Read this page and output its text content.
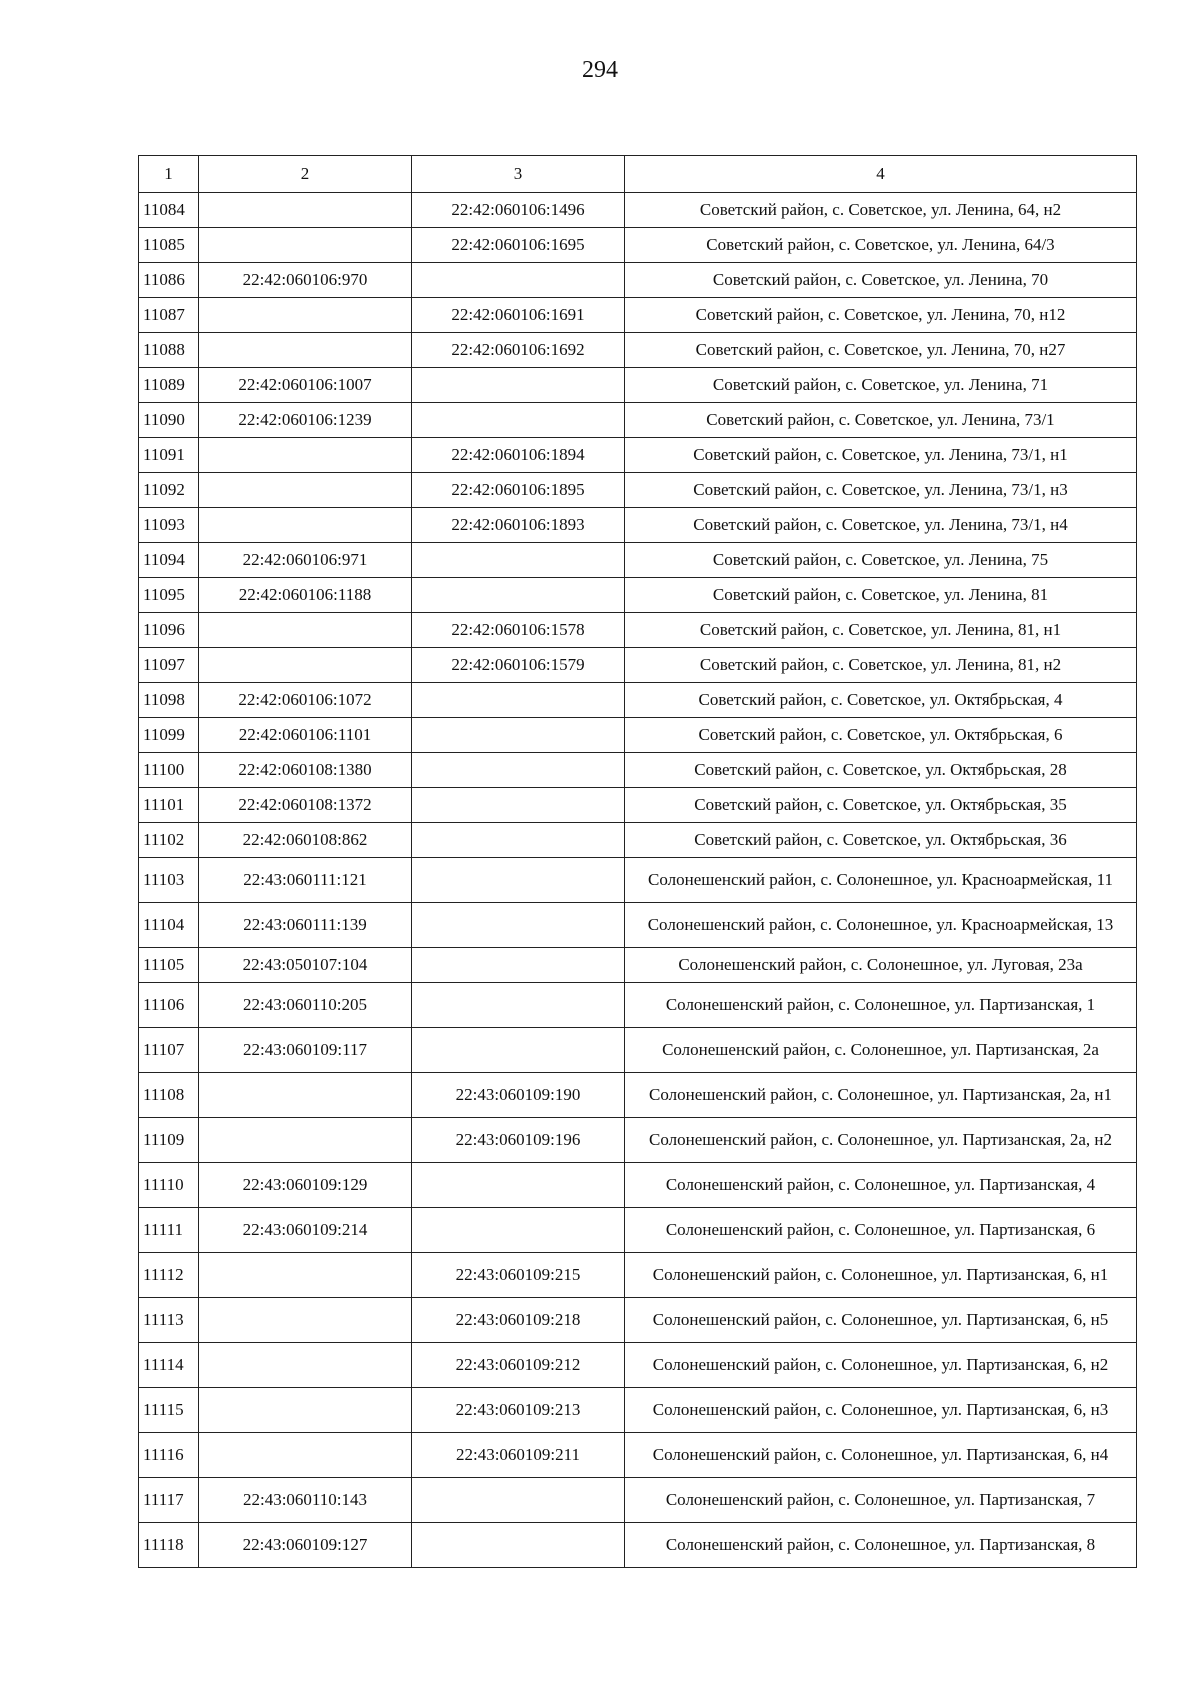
294
1	2	3	4
11084		22:42:060106:1496	Советский район, с. Советское, ул. Ленина, 64, н2
11085		22:42:060106:1695	Советский район, с. Советское, ул. Ленина, 64/3
11086	22:42:060106:970		Советский район, с. Советское, ул. Ленина, 70
11087		22:42:060106:1691	Советский район, с. Советское, ул. Ленина, 70, н12
11088		22:42:060106:1692	Советский район, с. Советское, ул. Ленина, 70, н27
11089	22:42:060106:1007		Советский район, с. Советское, ул. Ленина, 71
11090	22:42:060106:1239		Советский район, с. Советское, ул. Ленина, 73/1
11091		22:42:060106:1894	Советский район, с. Советское, ул. Ленина, 73/1, н1
11092		22:42:060106:1895	Советский район, с. Советское, ул. Ленина, 73/1, н3
11093		22:42:060106:1893	Советский район, с. Советское, ул. Ленина, 73/1, н4
11094	22:42:060106:971		Советский район, с. Советское, ул. Ленина, 75
11095	22:42:060106:1188		Советский район, с. Советское, ул. Ленина, 81
11096		22:42:060106:1578	Советский район, с. Советское, ул. Ленина, 81, н1
11097		22:42:060106:1579	Советский район, с. Советское, ул. Ленина, 81, н2
11098	22:42:060106:1072		Советский район, с. Советское, ул. Октябрьская, 4
11099	22:42:060106:1101		Советский район, с. Советское, ул. Октябрьская, 6
11100	22:42:060108:1380		Советский район, с. Советское, ул. Октябрьская, 28
11101	22:42:060108:1372		Советский район, с. Советское, ул. Октябрьская, 35
11102	22:42:060108:862		Советский район, с. Советское, ул. Октябрьская, 36
11103	22:43:060111:121		Солонешенский район, с. Солонешное, ул. Красноармейская, 11
11104	22:43:060111:139		Солонешенский район, с. Солонешное, ул. Красноармейская, 13
11105	22:43:050107:104		Солонешенский район, с. Солонешное, ул. Луговая, 23а
11106	22:43:060110:205		Солонешенский район, с. Солонешное, ул. Партизанская, 1
11107	22:43:060109:117		Солонешенский район, с. Солонешное, ул. Партизанская, 2а
11108		22:43:060109:190	Солонешенский район, с. Солонешное, ул. Партизанская, 2а, н1
11109		22:43:060109:196	Солонешенский район, с. Солонешное, ул. Партизанская, 2а, н2
11110	22:43:060109:129		Солонешенский район, с. Солонешное, ул. Партизанская, 4
11111	22:43:060109:214		Солонешенский район, с. Солонешное, ул. Партизанская, 6
11112		22:43:060109:215	Солонешенский район, с. Солонешное, ул. Партизанская, 6, н1
11113		22:43:060109:218	Солонешенский район, с. Солонешное, ул. Партизанская, 6, н5
11114		22:43:060109:212	Солонешенский район, с. Солонешное, ул. Партизанская, 6, н2
11115		22:43:060109:213	Солонешенский район, с. Солонешное, ул. Партизанская, 6, н3
11116		22:43:060109:211	Солонешенский район, с. Солонешное, ул. Партизанская, 6, н4
11117	22:43:060110:143		Солонешенский район, с. Солонешное, ул. Партизанская, 7
11118	22:43:060109:127		Солонешенский район, с. Солонешное, ул. Партизанская, 8
